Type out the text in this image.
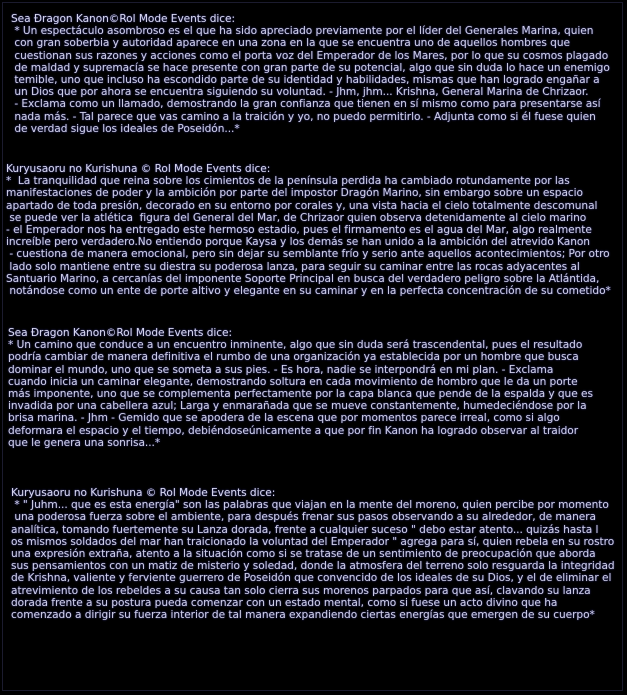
Sea Ðragon Kanon©Rol Mode Events dice:
* Un espectáculo asombroso es el que ha sido apreciado previamente por el líder del Generales Marina, quien
con gran soberbia y autoridad aparece en una zona en la que se encuentra uno de aquellos hombres que
cuestionan sus razones y acciones como el porta voz del Emperador de los Mares, por lo que su cosmos plagado
de maldad y supremacía se hace presente con gran parte de su potencial, algo que sin duda lo hace un enemigo
temible, uno que incluso ha escondido parte de su identidad y habilidades, mismas que han logrado engañar a
un Dios que por ahora se encuentra siguiendo su voluntad. - Jhm, jhm... Krishna, General Marina de Chrizaor.
- Exclama como un llamado, demostrando la gran confianza que tienen en sí mismo como para presentarse así
nada más. - Tal parece que vas camino a la traición y yo, no puedo permitirlo. - Adjunta como si él fuese quien
de verdad sigue los ideales de Poseidón...*
Kuryusaoru no Kurishuna © Rol Mode Events dice:
*  La tranquilidad que reina sobre los cimientos de la península perdida ha cambiado rotundamente por las
manifestaciones de poder y la ambición por parte del impostor Dragón Marino, sin embargo sobre un espacio
apartado de toda presión, decorado en su entorno por corales y, una vista hacia el cielo totalmente descomunal
se puede ver la atlética  figura del General del Mar, de Chrizaor quien observa detenidamente al cielo marino
- el Emperador nos ha entregado este hermoso estadio, pues el firmamento es el agua del Mar, algo realmente
increíble pero verdadero.No entiendo porque Kaysa y los demás se han unido a la ambición del atrevido Kanon
- cuestiona de manera emocional, pero sin dejar su semblante frío y serio ante aquellos acontecimientos; Por otro
lado solo mantiene entre su diestra su poderosa lanza, para seguir su caminar entre las rocas adyacentes al
Santuario Marino, a cercanías del imponente Soporte Principal en busca del verdadero peligro sobre la Atlántida,
notándose como un ente de porte altivo y elegante en su caminar y en la perfecta concentración de su cometido*
Sea Ðragon Kanon©Rol Mode Events dice:
* Un camino que conduce a un encuentro inminente, algo que sin duda será trascendental, pues el resultado
podría cambiar de manera definitiva el rumbo de una organización ya establecida por un hombre que busca
dominar el mundo, uno que se someta a sus pies. - Es hora, nadie se interpondrá en mi plan. - Exclama
cuando inicia un caminar elegante, demostrando soltura en cada movimiento de hombro que le da un porte
más imponente, uno que se complementa perfectamente por la capa blanca que pende de la espalda y que es
invadida por una cabellera azul; Larga y enmarañada que se mueve constantemente, humedeciéndose por la
brisa marina. - Jhm - Gemido que se apodera de la escena que por momentos parece irreal, como si algo
deformara el espacio y el tiempo, debiéndoseúnicamente a que por fin Kanon ha logrado observar al traidor
que le genera una sonrisa...*
Kuryusaoru no Kurishuna © Rol Mode Events dice:
* " Juhm... que es esta energía" son las palabras que viajan en la mente del moreno, quien percibe por momento
una poderosa fuerza sobre el ambiente, para después frenar sus pasos observando a su alrededor, de manera
analítica, tomando fuertemente su Lanza dorada, frente a cualquier suceso " debo estar atento... quizás hasta l
os mismos soldados del mar han traicionado la voluntad del Emperador " agrega para sí, quien rebela en su rostro
una expresión extraña, atento a la situación como si se tratase de un sentimiento de preocupación que aborda
sus pensamientos con un matiz de misterio y soledad, donde la atmosfera del terreno solo resguarda la integridad
de Krishna, valiente y ferviente guerrero de Poseidón que convencido de los ideales de su Dios, y el de eliminar el
atrevimiento de los rebeldes a su causa tan solo cierra sus morenos parpados para que así, clavando su lanza
dorada frente a su postura pueda comenzar con un estado mental, como si fuese un acto divino que ha
comenzado a dirigir su fuerza interior de tal manera expandiendo ciertas energías que emergen de su cuerpo*
